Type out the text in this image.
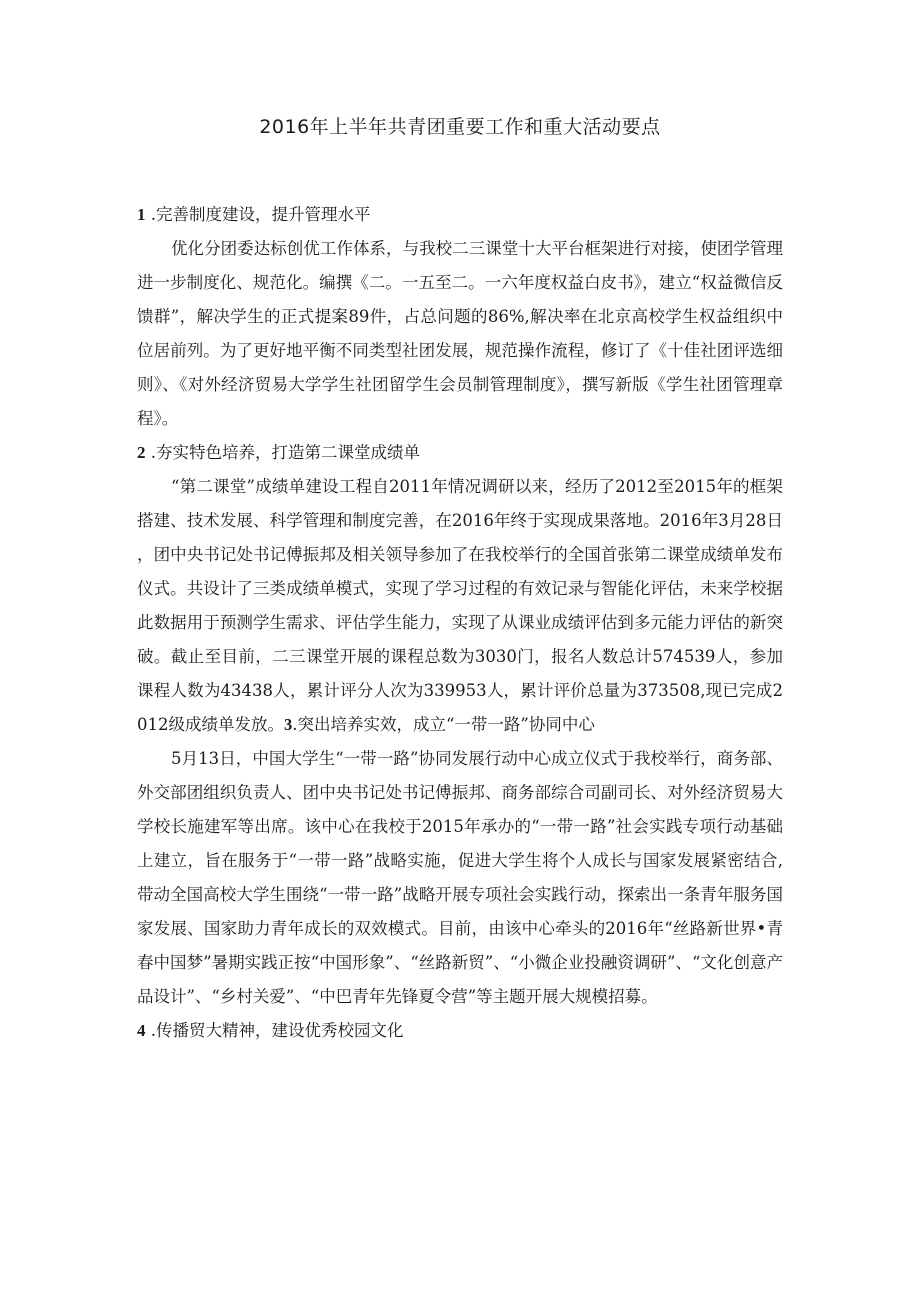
2016年上半年共青团重要工作和重大活动要点

1 .完善制度建设，提升管理水平

优化分团委达标创优工作体系，与我校二三课堂十大平台框架进行对接，使团学管理进一步制度化、规范化。编撰《二。一五至二。一六年度权益白皮书》，建立“权益微信反馈群”，解决学生的正式提案89件，占总问题的86%,解决率在北京高校学生权益组织中位居前列。为了更好地平衡不同类型社团发展，规范操作流程，修订了《十佳社团评选细则》、《对外经济贸易大学学生社团留学生会员制管理制度》，撰写新版《学生社团管理章程》。

2 .夯实特色培养，打造第二课堂成绩单

“第二课堂”成绩单建设工程自2011年情况调研以来，经历了2012至2015年的框架搭建、技术发展、科学管理和制度完善，在2016年终于实现成果落地。2016年3月28日，团中央书记处书记傅振邦及相关领导参加了在我校举行的全国首张第二课堂成绩单发布仪式。共设计了三类成绩单模式，实现了学习过程的有效记录与智能化评估，未来学校据此数据用于预测学生需求、评估学生能力，实现了从课业成绩评估到多元能力评估的新突破。截止至目前，二三课堂开展的课程总数为3030门，报名人数总计574539人，参加课程人数为43438人，累计评分人次为339953人，累计评价总量为373508,现已完成2012级成绩单发放。3.突出培养实效，成立“一带一路”协同中心

5月13日，中国大学生“一带一路”协同发展行动中心成立仪式于我校举行，商务部、外交部团组织负责人、团中央书记处书记傅振邦、商务部综合司副司长、对外经济贸易大学校长施建军等出席。该中心在我校于2015年承办的“一带一路”社会实践专项行动基础上建立，旨在服务于“一带一路”战略实施，促进大学生将个人成长与国家发展紧密结合,带动全国高校大学生围绕“一带一路”战略开展专项社会实践行动，探索出一条青年服务国家发展、国家助力青年成长的双效模式。目前，由该中心牵头的2016年“丝路新世界•青春中国梦”暑期实践正按“中国形象”、“丝路新贸”、“小微企业投融资调研”、“文化创意产品设计”、“乡村关爱”、“中巴青年先锋夏令营”等主题开展大规模招募。

4 .传播贸大精神，建设优秀校园文化
